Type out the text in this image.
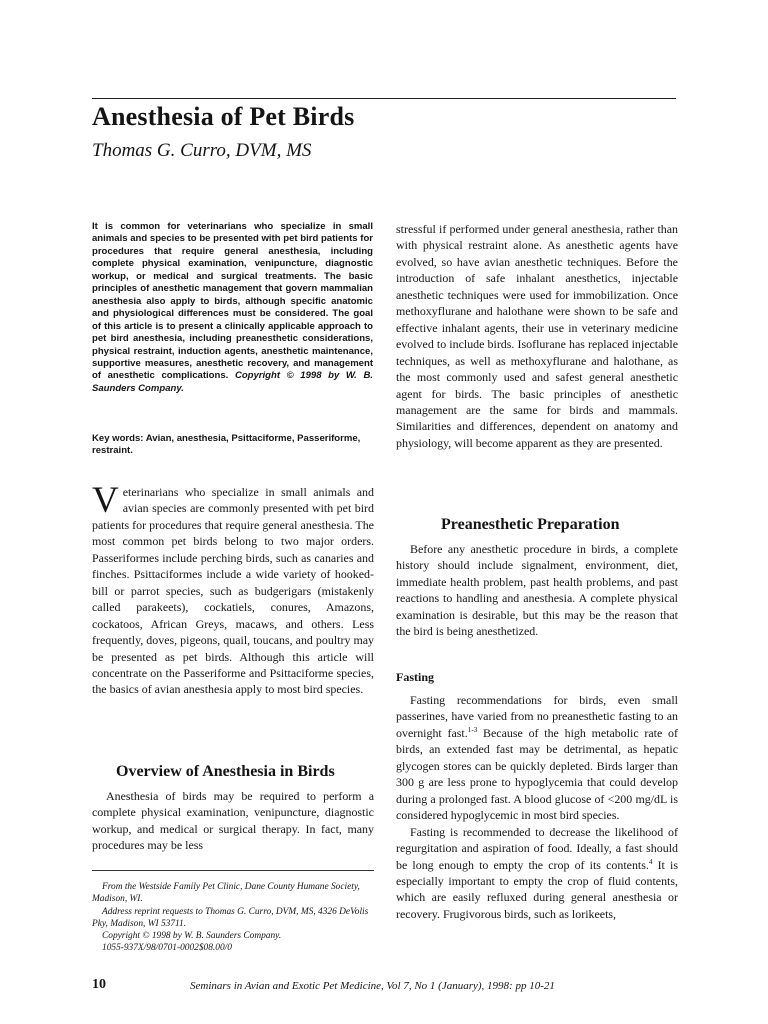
Anesthesia of Pet Birds
Thomas G. Curro, DVM, MS
It is common for veterinarians who specialize in small animals and species to be presented with pet bird patients for procedures that require general anesthesia, including complete physical examination, venipuncture, diagnostic workup, or medical and surgical treatments. The basic principles of anesthetic management that govern mammalian anesthesia also apply to birds, although specific anatomic and physiological differences must be considered. The goal of this article is to present a clinically applicable approach to pet bird anesthesia, including preanesthetic considerations, physical restraint, induction agents, anesthetic maintenance, supportive measures, anesthetic recovery, and management of anesthetic complications. Copyright © 1998 by W. B. Saunders Company.

Key words: Avian, anesthesia, Psittaciforme, Passeriforme, restraint.

Veterinarians who specialize in small animals and avian species are commonly presented with pet bird patients for procedures that require general anesthesia. The most common pet birds belong to two major orders. Passeriformes include perching birds, such as canaries and finches. Psittaciformes include a wide variety of hooked-bill or parrot species, such as budgerigars (mistakenly called parakeets), cockatiels, conures, Amazons, cockatoos, African Greys, macaws, and others. Less frequently, doves, pigeons, quail, toucans, and poultry may be presented as pet birds. Although this article will concentrate on the Passeriforme and Psittaciforme species, the basics of avian anesthesia apply to most bird species.

Overview of Anesthesia in Birds

Anesthesia of birds may be required to perform a complete physical examination, venipuncture, diagnostic workup, and medical or surgical therapy. In fact, many procedures may be less

From the Westside Family Pet Clinic, Dane County Humane Society, Madison, WI.

Address reprint requests to Thomas G. Curro, DVM, MS, 4326 DeVolis Pky, Madison, WI 53711.

Copyright © 1998 by W. B. Saunders Company.

1055-937X/98/0701-0002$08.00/0

stressful if performed under general anesthesia, rather than with physical restraint alone. As anesthetic agents have evolved, so have avian anesthetic techniques. Before the introduction of safe inhalant anesthetics, injectable anesthetic techniques were used for immobilization. Once methoxyflurane and halothane were shown to be safe and effective inhalant agents, their use in veterinary medicine evolved to include birds. Isoflurane has replaced injectable techniques, as well as methoxyflurane and halothane, as the most commonly used and safest general anesthetic agent for birds. The basic principles of anesthetic management are the same for birds and mammals. Similarities and differences, dependent on anatomy and physiology, will become apparent as they are presented.

Preanesthetic Preparation

Before any anesthetic procedure in birds, a complete history should include signalment, environment, diet, immediate health problem, past health problems, and past reactions to handling and anesthesia. A complete physical examination is desirable, but this may be the reason that the bird is being anesthetized.

Fasting

Fasting recommendations for birds, even small passerines, have varied from no preanesthetic fasting to an overnight fast.$^{1-3}$ Because of the high metabolic rate of birds, an extended fast may be detrimental, as hepatic glycogen stores can be quickly depleted. Birds larger than 300 g are less prone to hypoglycemia that could develop during a prolonged fast. A blood glucose of <200 mg/dL is considered hypoglycemic in most bird species.

Fasting is recommended to decrease the likelihood of regurgitation and aspiration of food. Ideally, a fast should be long enough to empty the crop of its contents.$^4$ It is especially important to empty the crop of fluid contents, which are easily refluxed during general anesthesia or recovery. Frugivorous birds, such as lorikeets,

10	Seminars in Avian and Exotic Pet Medicine, Vol 7, No 1 (January), 1998: pp 10-21
